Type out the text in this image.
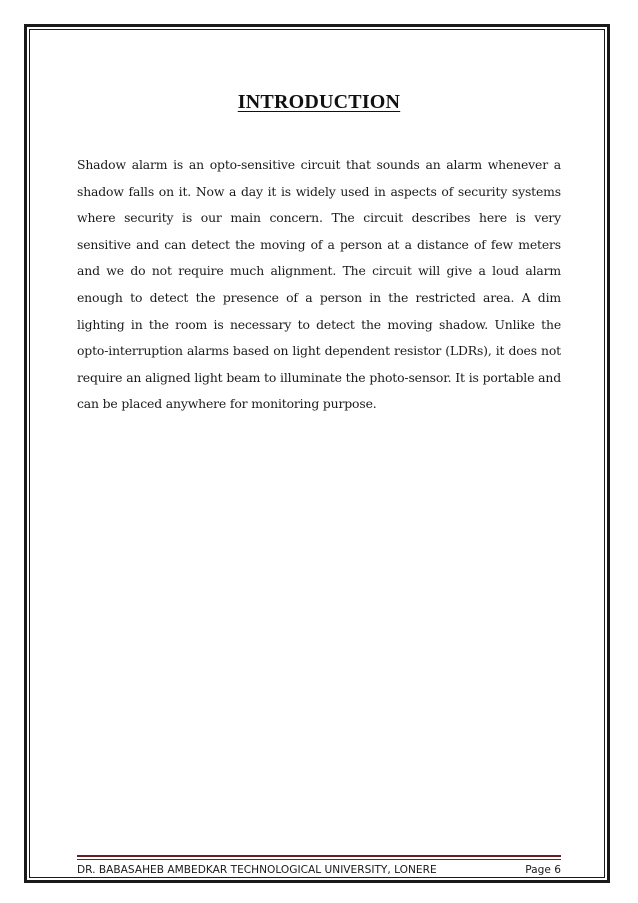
INTRODUCTION

Shadow alarm is an opto-sensitive circuit that sounds an alarm whenever a shadow falls on it. Now a day it is widely used in aspects of security systems where security is our main concern. The circuit describes here is very sensitive and can detect the moving of a person at a distance of few meters and we do not require much alignment. The circuit will give a loud alarm enough to detect the presence of a person in the restricted area. A dim lighting in the room is necessary to detect the moving shadow. Unlike the opto-interruption alarms based on light dependent resistor (LDRs), it does not require an aligned light beam to illuminate the photo-sensor. It is portable and can be placed anywhere for monitoring purpose.

DR. BABASAHEB AMBEDKAR TECHNOLOGICAL UNIVERSITY, LONERE	Page 6
